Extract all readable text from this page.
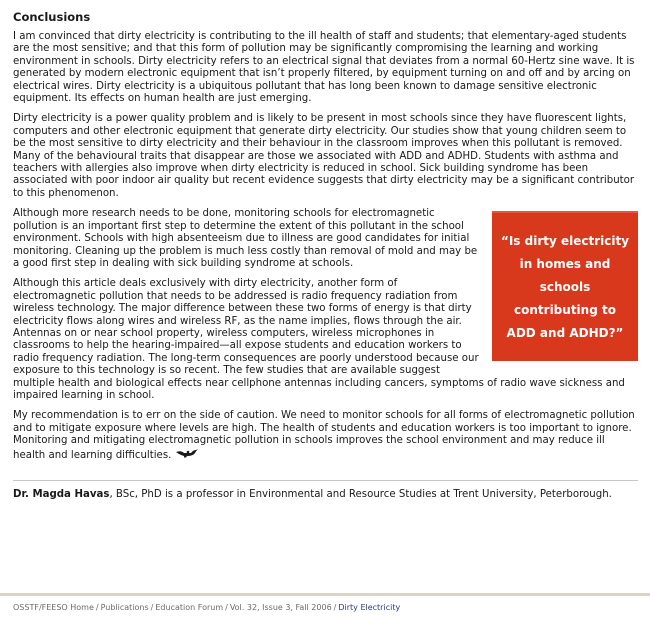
Conclusions

I am convinced that dirty electricity is contributing to the ill health of staff and students; that elementary-aged students are the most sensitive; and that this form of pollution may be significantly compromising the learning and working environment in schools. Dirty electricity refers to an electrical signal that deviates from a normal 60-Hertz sine wave. It is generated by modern electronic equipment that isn’t properly filtered, by equipment turning on and off and by arcing on electrical wires. Dirty electricity is a ubiquitous pollutant that has long been known to damage sensitive electronic equipment. Its effects on human health are just emerging.

Dirty electricity is a power quality problem and is likely to be present in most schools since they have fluorescent lights, computers and other electronic equipment that generate dirty electricity. Our studies show that young children seem to be the most sensitive to dirty electricity and their behaviour in the classroom improves when this pollutant is removed. Many of the behavioural traits that disappear are those we associated with ADD and ADHD. Students with asthma and teachers with allergies also improve when dirty electricity is reduced in school. Sick building syndrome has been associated with poor indoor air quality but recent evidence suggests that dirty electricity may be a significant contributor to this phenomenon.

“Is dirty electricity in homes and schools contributing to ADD and ADHD?”

Although more research needs to be done, monitoring schools for electromagnetic pollution is an important first step to determine the extent of this pollutant in the school environment. Schools with high absenteeism due to illness are good candidates for initial monitoring. Cleaning up the problem is much less costly than removal of mold and may be a good first step in dealing with sick building syndrome at schools.

Although this article deals exclusively with dirty electricity, another form of electromagnetic pollution that needs to be addressed is radio frequency radiation from wireless technology. The major difference between these two forms of energy is that dirty electricity flows along wires and wireless RF, as the name implies, flows through the air. Antennas on or near school property, wireless computers, wireless microphones in classrooms to help the hearing-impaired—all expose students and education workers to radio frequency radiation. The long-term consequences are poorly understood because our exposure to this technology is so recent. The few studies that are available suggest multiple health and biological effects near cellphone antennas including cancers, symptoms of radio wave sickness and impaired learning in school.

My recommendation is to err on the side of caution. We need to monitor schools for all forms of electromagnetic pollution and to mitigate exposure where levels are high. The health of students and education workers is too important to ignore. Monitoring and mitigating electromagnetic pollution in schools improves the school environment and may reduce ill health and learning difficulties.

Dr. Magda Havas, BSc, PhD is a professor in Environmental and Resource Studies at Trent University, Peterborough.

OSSTF/FEESO Home / Publications / Education Forum / Vol. 32, Issue 3, Fall 2006 / Dirty Electricity
